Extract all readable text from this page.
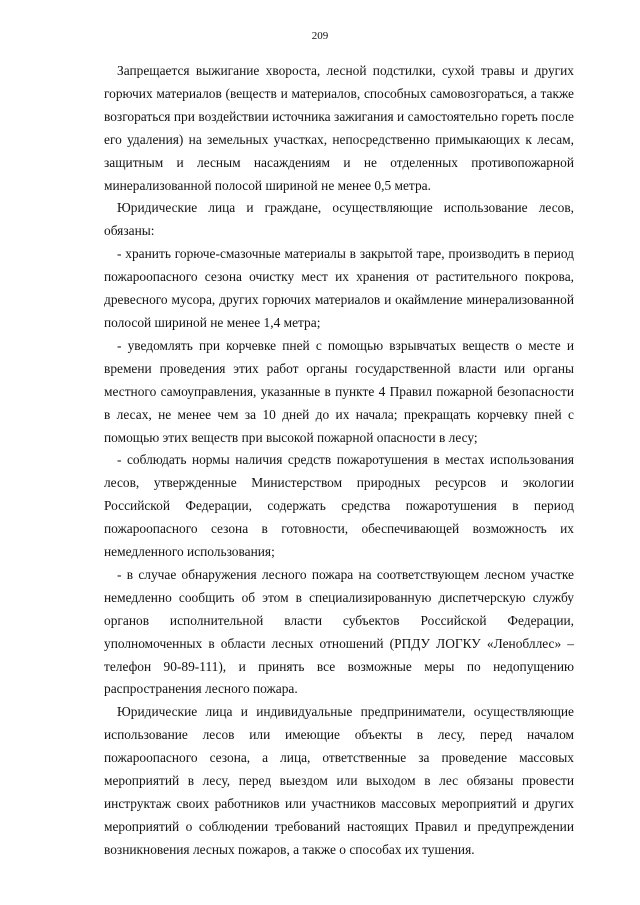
209

Запрещается выжигание хвороста, лесной подстилки, сухой травы и других горючих материалов (веществ и материалов, способных самовозгораться, а также возгораться при воздействии источника зажигания и самостоятельно гореть после его удаления) на земельных участках, непосредственно примыкающих к лесам, защитным и лесным насаждениям и не отделенных противопожарной минерализованной полосой шириной не менее 0,5 метра.

Юридические лица и граждане, осуществляющие использование лесов, обязаны:

- хранить горюче-смазочные материалы в закрытой таре, производить в период пожароопасного сезона очистку мест их хранения от растительного покрова, древесного мусора, других горючих материалов и окаймление минерализованной полосой шириной не менее 1,4 метра;

- уведомлять при корчевке пней с помощью взрывчатых веществ о месте и времени проведения этих работ органы государственной власти или органы местного самоуправления, указанные в пункте 4 Правил пожарной безопасности в лесах, не менее чем за 10 дней до их начала; прекращать корчевку пней с помощью этих веществ при высокой пожарной опасности в лесу;

- соблюдать нормы наличия средств пожаротушения в местах использования лесов, утвержденные Министерством природных ресурсов и экологии Российской Федерации, содержать средства пожаротушения в период пожароопасного сезона в готовности, обеспечивающей возможность их немедленного использования;

- в случае обнаружения лесного пожара на соответствующем лесном участке немедленно сообщить об этом в специализированную диспетчерскую службу органов исполнительной власти субъектов Российской Федерации, уполномоченных в области лесных отношений (РПДУ ЛОГКУ «Ленобллес» – телефон 90-89-111), и принять все возможные меры по недопущению распространения лесного пожара.

Юридические лица и индивидуальные предприниматели, осуществляющие использование лесов или имеющие объекты в лесу, перед началом пожароопасного сезона, а лица, ответственные за проведение массовых мероприятий в лесу, перед выездом или выходом в лес обязаны провести инструктаж своих работников или участников массовых мероприятий и других мероприятий о соблюдении требований настоящих Правил и предупреждении возникновения лесных пожаров, а также о способах их тушения.
